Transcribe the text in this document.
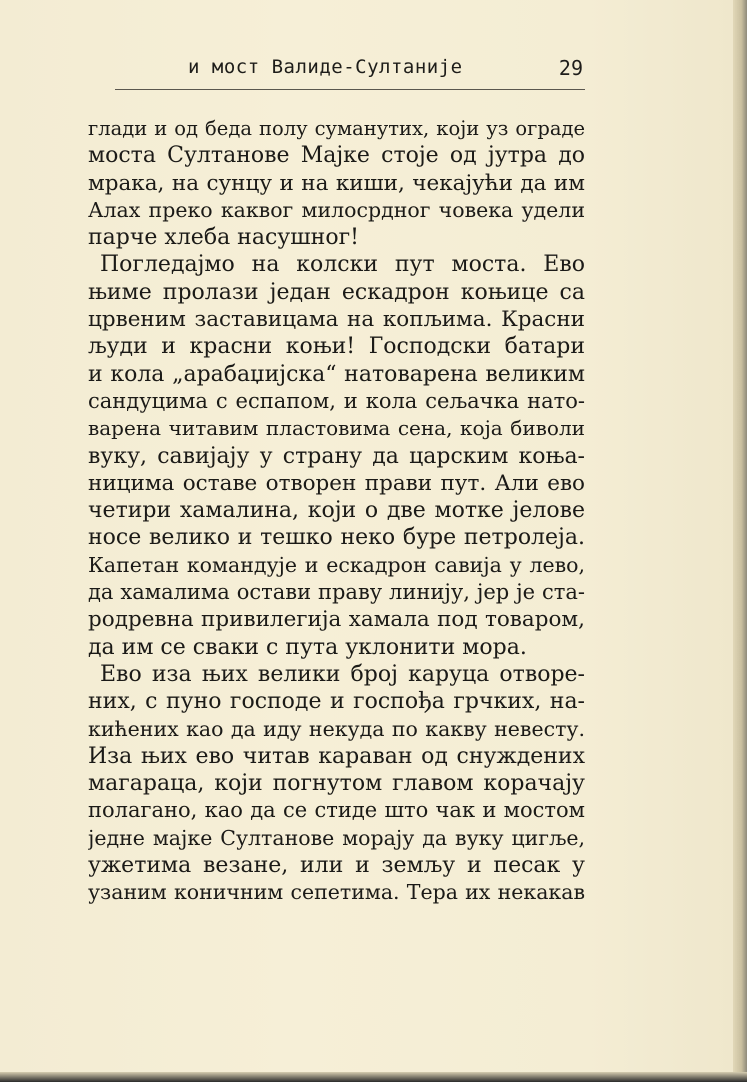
и мост Валиде-Султаније	29
глади и од беда полу суманутих, који уз ограде
моста Султанове Мајке стоје од јутра до
мрака, на сунцу и на киши, чекајући да им
Алах преко каквог милосрдног човека удели
парче хлеба насушног!
Погледајмо на колски пут моста. Ево
њиме пролази један ескадрон коњице са
црвеним заставицама на копљима. Красни
људи и красни коњи! Господски батари
и кола „арабаџијска“ натоварена великим
сандуцима с еспапом, и кола сељачка нато-
варена читавим пластовима сена, која биволи
вуку, савијају у страну да царским коња-
ницима оставе отворен прави пут. Али ево
четири хамалина, који о две мотке јелове
носе велико и тешко неко буре петролеја.
Капетан командује и ескадрон савија у лево,
да хамалима остави праву линију, јер је ста-
родревна привилегија хамала под товаром,
да им се сваки с пута уклонити мора.
Ево иза њих велики број каруца отворе-
них, с пуно господе и госпођа грчких, на-
кићених као да иду некуда по какву невесту.
Иза њих ево читав караван од снуждених
магараца, који погнутом главом корачају
полагано, као да се стиде што чак и мостом
једне мајке Султанове морају да вуку цигље,
ужетима везане, или и земљу и песак у
узаним коничним сепетима. Тера их некакав
